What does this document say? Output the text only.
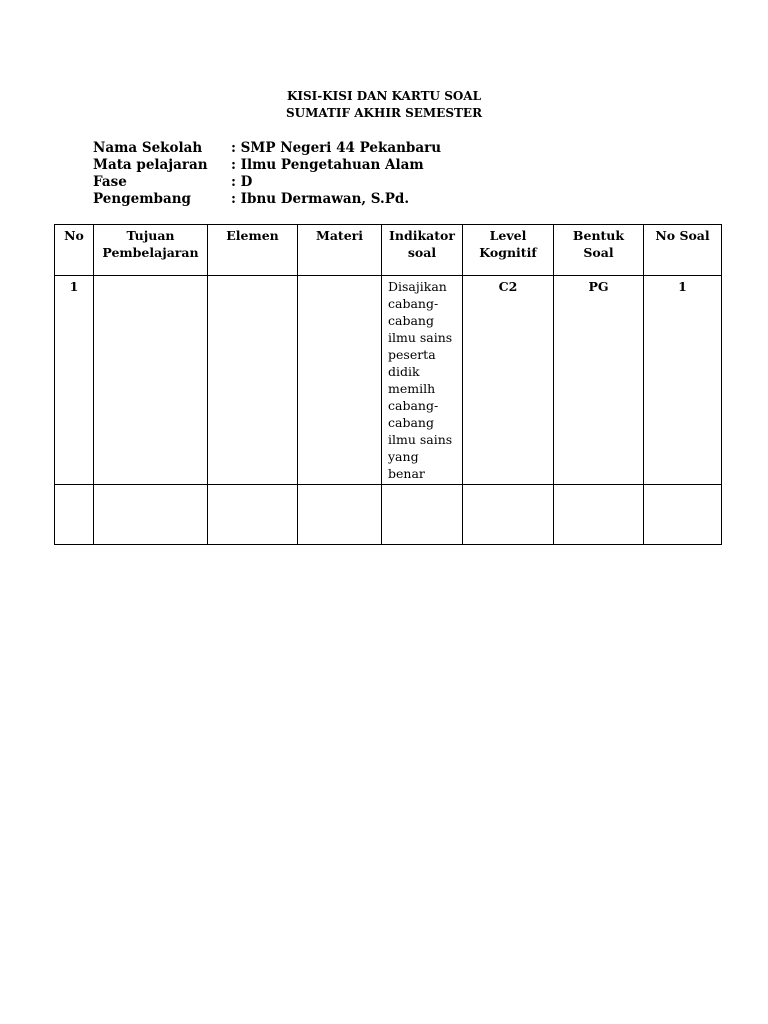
KISI-KISI DAN KARTU SOAL
SUMATIF AKHIR SEMESTER
Nama Sekolah	: SMP Negeri 44 Pekanbaru
Mata pelajaran	: Ilmu Pengetahuan Alam
Fase	: D
Pengembang	: Ibnu Dermawan, S.Pd.
No	Tujuan Pembelajaran	Elemen	Materi	Indikator soal	Level Kognitif	Bentuk Soal	No Soal
1				Disajikan cabang-cabang ilmu sains peserta didik memilh cabang-cabang ilmu sains yang benar	C2	PG	1
